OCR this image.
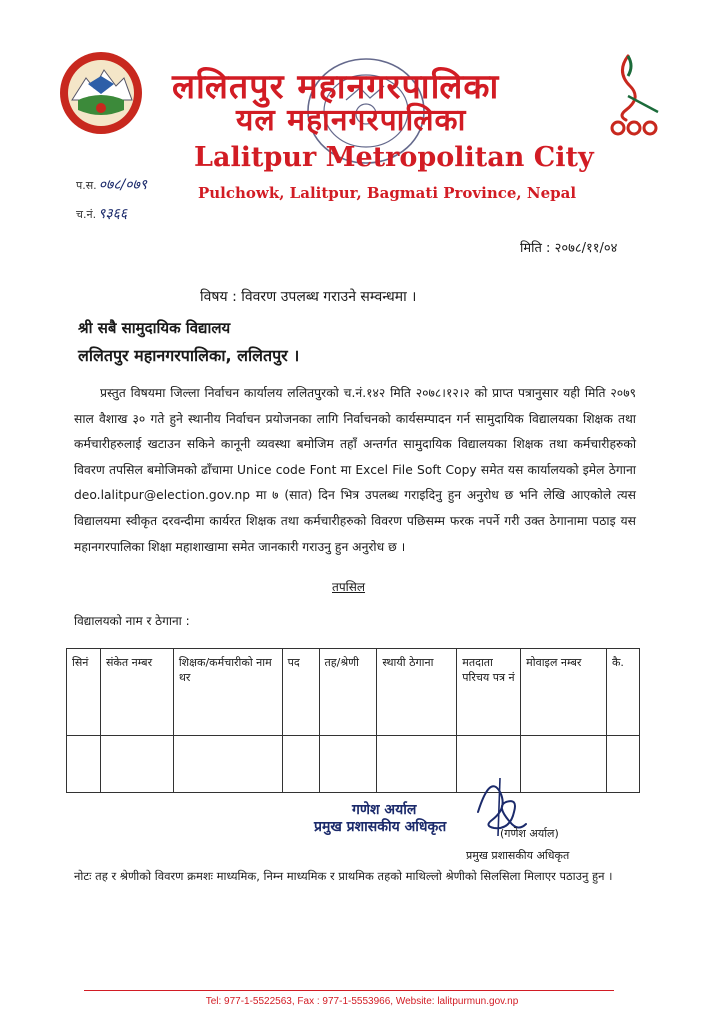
ललितपुर महानगरपालिका
यल महानगरपालिका
Lalitpur Metropolitan City
Pulchowk, Lalitpur, Bagmati Province, Nepal
प.स. ०७८/०७९
च.नं. ९३६६
मिति : २०७८/११/०४
विषय : विवरण उपलब्ध गराउने सम्वन्धमा ।
श्री सबै सामुदायिक विद्यालय
ललितपुर महानगरपालिका, ललितपुर ।
प्रस्तुत विषयमा जिल्ला निर्वाचन कार्यालय ललितपुरको च.नं.१४२ मिति २०७८।१२।२ को प्राप्त पत्रानुसार यही मिति २०७९ साल वैशाख ३० गते हुने स्थानीय निर्वाचन प्रयोजनका लागि निर्वाचनको कार्यसम्पादन गर्न सामुदायिक विद्यालयका शिक्षक तथा कर्मचारीहरुलाई खटाउन सकिने कानूनी व्यवस्था बमोजिम तहाँ अन्तर्गत सामुदायिक विद्यालयका शिक्षक तथा कर्मचारीहरुको विवरण तपसिल बमोजिमको ढाँचामा Unice code Font मा Excel File Soft Copy समेत यस कार्यालयको इमेल ठेगाना deo.lalitpur@election.gov.np मा ७ (सात) दिन भित्र उपलब्ध गराइदिनु हुन अनुरोध छ भनि लेखि आएकोले त्यस विद्यालयमा स्वीकृत दरवन्दीमा कार्यरत शिक्षक तथा कर्मचारीहरुको विवरण पछिसम्म फरक नपर्ने गरी उक्त ठेगानामा पठाइ यस महानगरपालिका शिक्षा महाशाखामा समेत जानकारी गराउनु हुन अनुरोध छ ।
तपसिल
विद्यालयको नाम र ठेगाना :
सिनं	संकेत नम्बर	शिक्षक/कर्मचारीको नाम थर	पद	तह/श्रेणी	स्थायी ठेगाना	मतदाता परिचय पत्र नं	मोवाइल नम्बर	कै.

गणेश अर्याल
प्रमुख प्रशासकीय अधिकृत	(गणेश अर्याल)
प्रमुख प्रशासकीय अधिकृत
नोटः तह र श्रेणीको विवरण क्रमशः माध्यमिक, निम्न माध्यमिक र प्राथमिक तहको माथिल्लो श्रेणीको सिलसिला मिलाएर पठाउनु हुन ।
Tel: 977-1-5522563, Fax : 977-1-5553966, Website: lalitpurmun.gov.np
